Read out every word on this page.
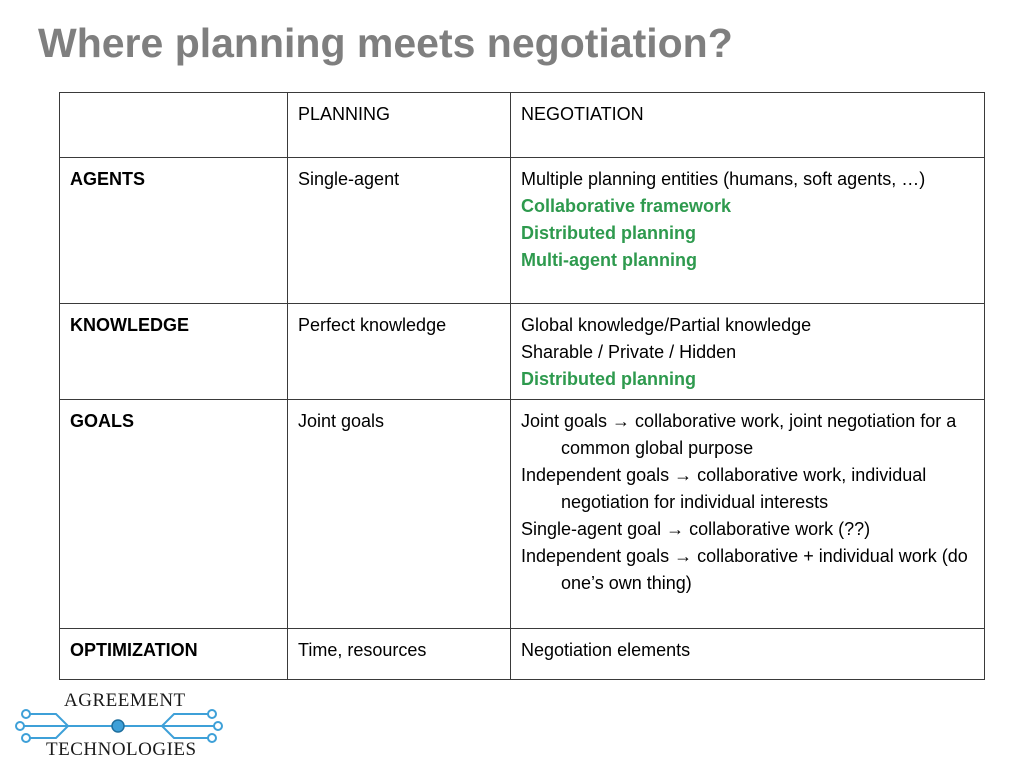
Where planning meets negotiation?
	PLANNING	NEGOTIATION
AGENTS	Single-agent	Multiple planning entities (humans, soft agents, …)
Collaborative framework
Distributed planning
Multi-agent planning

KNOWLEDGE	Perfect knowledge	Global knowledge/Partial knowledge
Sharable / Private / Hidden
Distributed planning

GOALS	Joint goals	Joint goals → collaborative work, joint negotiation for a common global purpose
Independent goals → collaborative work, individual negotiation for individual interests
Single-agent goal → collaborative work (??)
Independent goals → collaborative + individual work (do one’s own thing)

OPTIMIZATION	Time, resources	Negotiation elements
AGREEMENT
TECHNOLOGIES
